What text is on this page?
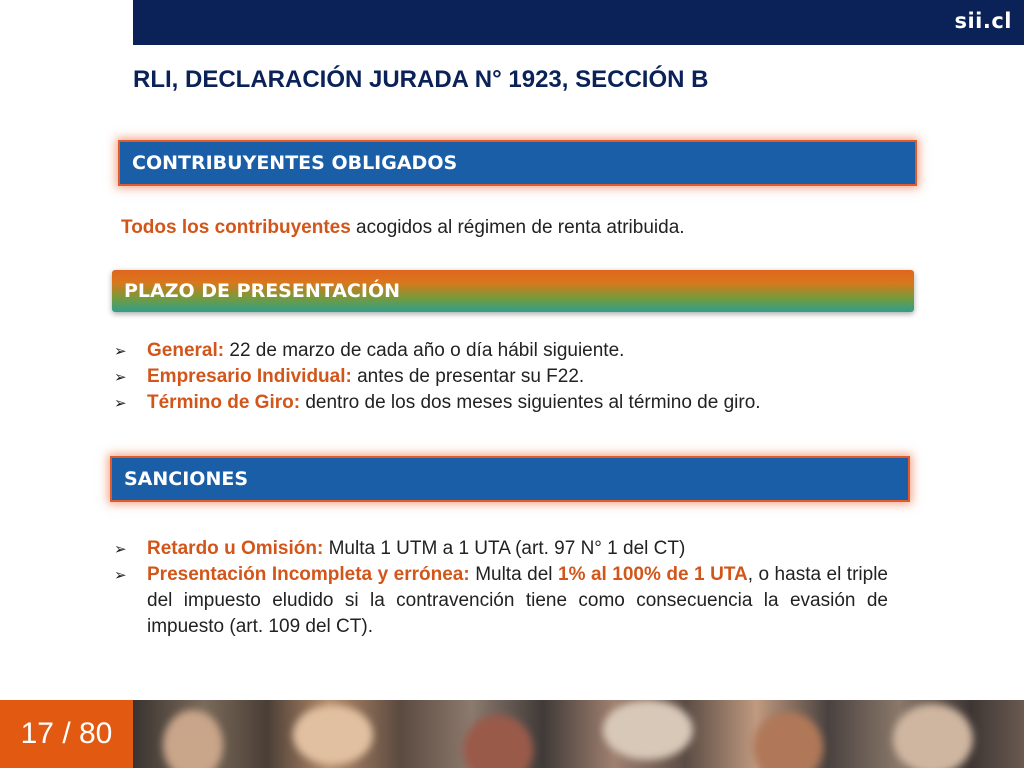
sii.cl
RLI, DECLARACIÓN JURADA N° 1923, SECCIÓN B
CONTRIBUYENTES OBLIGADOS
Todos los contribuyentes acogidos al régimen de renta atribuida.
PLAZO DE PRESENTACIÓN
➢ General: 22 de marzo de cada año o día hábil siguiente.
➢ Empresario Individual: antes de presentar su F22.
➢ Término de Giro: dentro de los dos meses siguientes al término de giro.
SANCIONES
➢ Retardo u Omisión: Multa 1 UTM a 1 UTA (art. 97 N° 1 del CT)
➢ Presentación Incompleta y errónea: Multa del 1% al 100% de 1 UTA, o hasta el triple del impuesto eludido si la contravención tiene como consecuencia la evasión de impuesto (art. 109 del CT).
17 / 80
